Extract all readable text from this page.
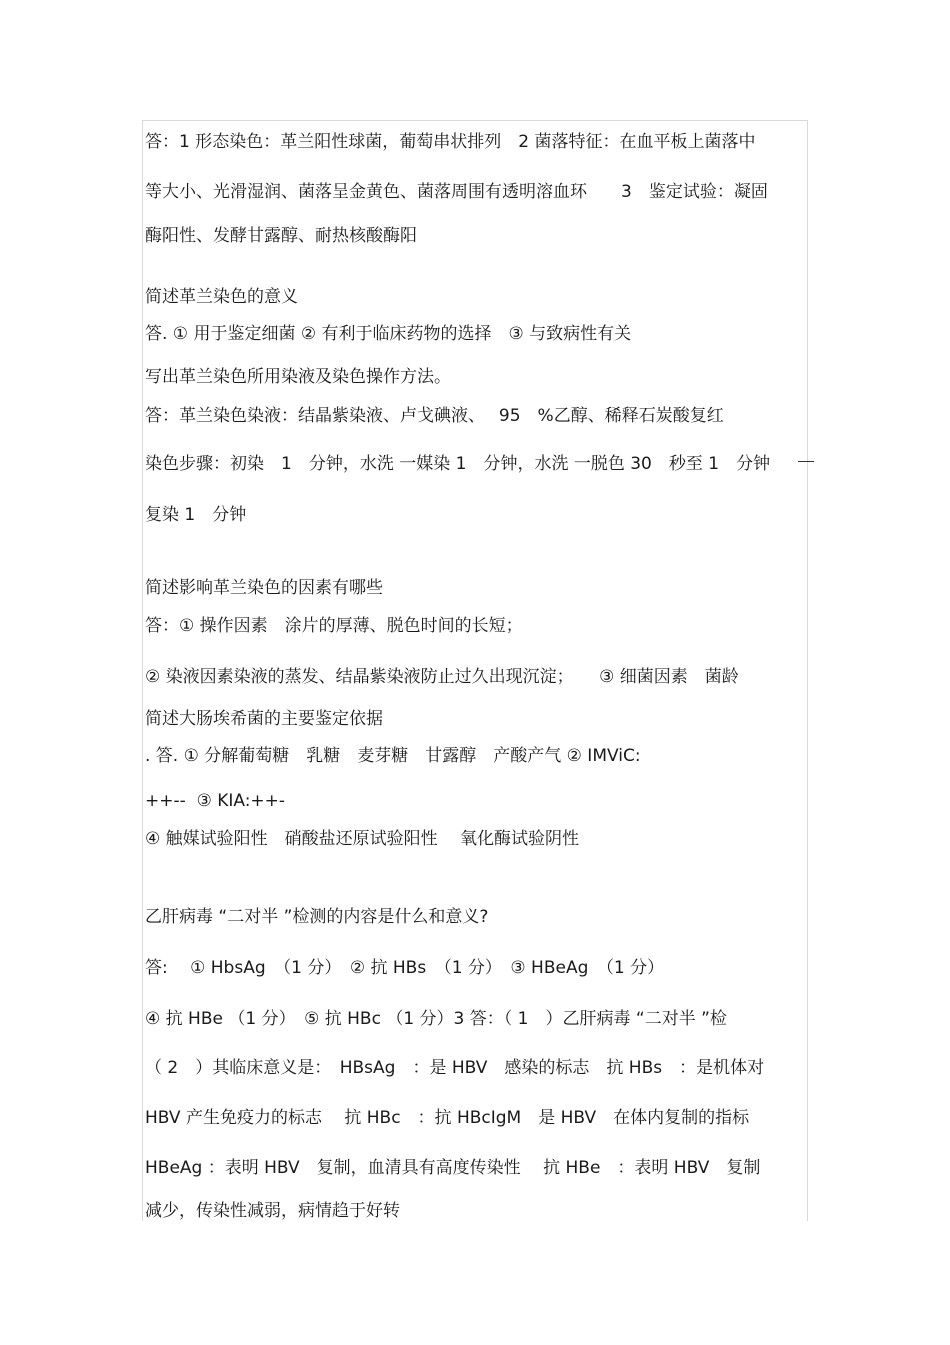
答：1 形态染色：革兰阳性球菌，葡萄串状排列　2 菌落特征：在血平板上菌落中
等大小、光滑湿润、菌落呈金黄色、菌落周围有透明溶血环　　3　鉴定试验：凝固
酶阳性、发酵甘露醇、耐热核酸酶阳
简述革兰染色的意义
答. ① 用于鉴定细菌 ② 有利于临床药物的选择　③ 与致病性有关
写出革兰染色所用染液及染色操作方法。
答：革兰染色染液：结晶紫染液、卢戈碘液、　 95　%乙醇、稀释石炭酸复红
染色步骤：初染　1　分钟，水洗 一媒染 1　分钟，水洗 一脱色 30　秒至 1　分钟
复染 1　分钟
简述影响革兰染色的因素有哪些
答：① 操作因素　涂片的厚薄、脱色时间的长短；
② 染液因素染液的蒸发、结晶紫染液防止过久出现沉淀；　　③ 细菌因素　菌龄
简述大肠埃希菌的主要鉴定依据
. 答. ① 分解葡萄糖　乳糖　麦芽糖　甘露醇　产酸产气 ② IMViC:
++--  ③ KIA:++-
④ 触媒试验阳性　硝酸盐还原试验阳性　 氧化酶试验阴性
乙肝病毒 “二对半 ”检测的内容是什么和意义?
答:　 ① HbsAg　（1 分）　② 抗 HBs　（1 分）　③ HBeAg　（1 分）
④ 抗 HBe （1 分）　⑤ 抗 HBc （1 分）3 答：（ 1　）乙肝病毒 “二对半 ”检
（ 2　）其临床意义是：　HBsAg　：是 HBV　感染的标志　抗 HBs　：是机体对
HBV 产生免疫力的标志　 抗 HBc　：抗 HBcIgM　是 HBV　在体内复制的指标
HBeAg ：表明 HBV　复制，血清具有高度传染性　 抗 HBe　：表明 HBV　复制
减少，传染性减弱，病情趋于好转
